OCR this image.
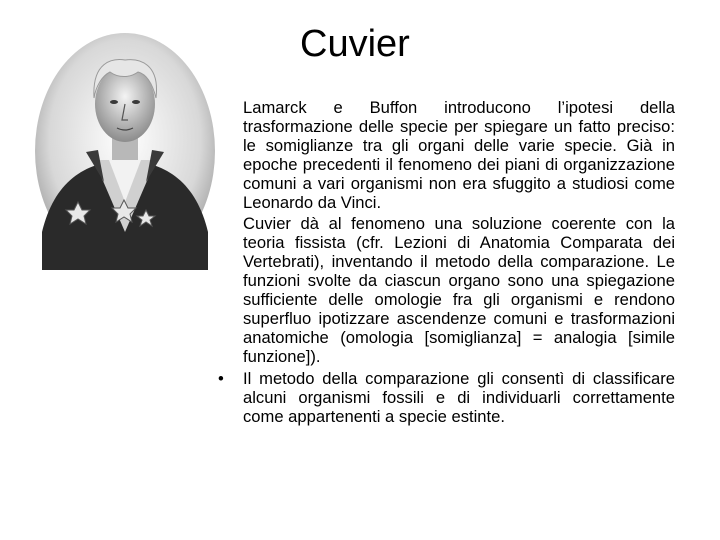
Cuvier
Lamarck e Buffon introducono l’ipotesi della trasformazione delle specie per spiegare un fatto preciso: le somiglianze tra gli organi delle varie specie. Già in epoche precedenti il fenomeno dei piani di organizzazione comuni a vari organismi non era sfuggito a studiosi come Leonardo da Vinci.
Cuvier dà al fenomeno una soluzione coerente con la teoria fissista (cfr. Lezioni di Anatomia Comparata dei Vertebrati), inventando il metodo della comparazione. Le funzioni svolte da ciascun organo sono una spiegazione sufficiente delle omologie fra gli organismi e rendono superfluo ipotizzare ascendenze comuni e trasformazioni anatomiche (omologia [somiglianza] = analogia [simile funzione]).
• Il metodo della comparazione gli consentì di classificare alcuni organismi fossili e di individuarli correttamente come appartenenti a specie estinte.
